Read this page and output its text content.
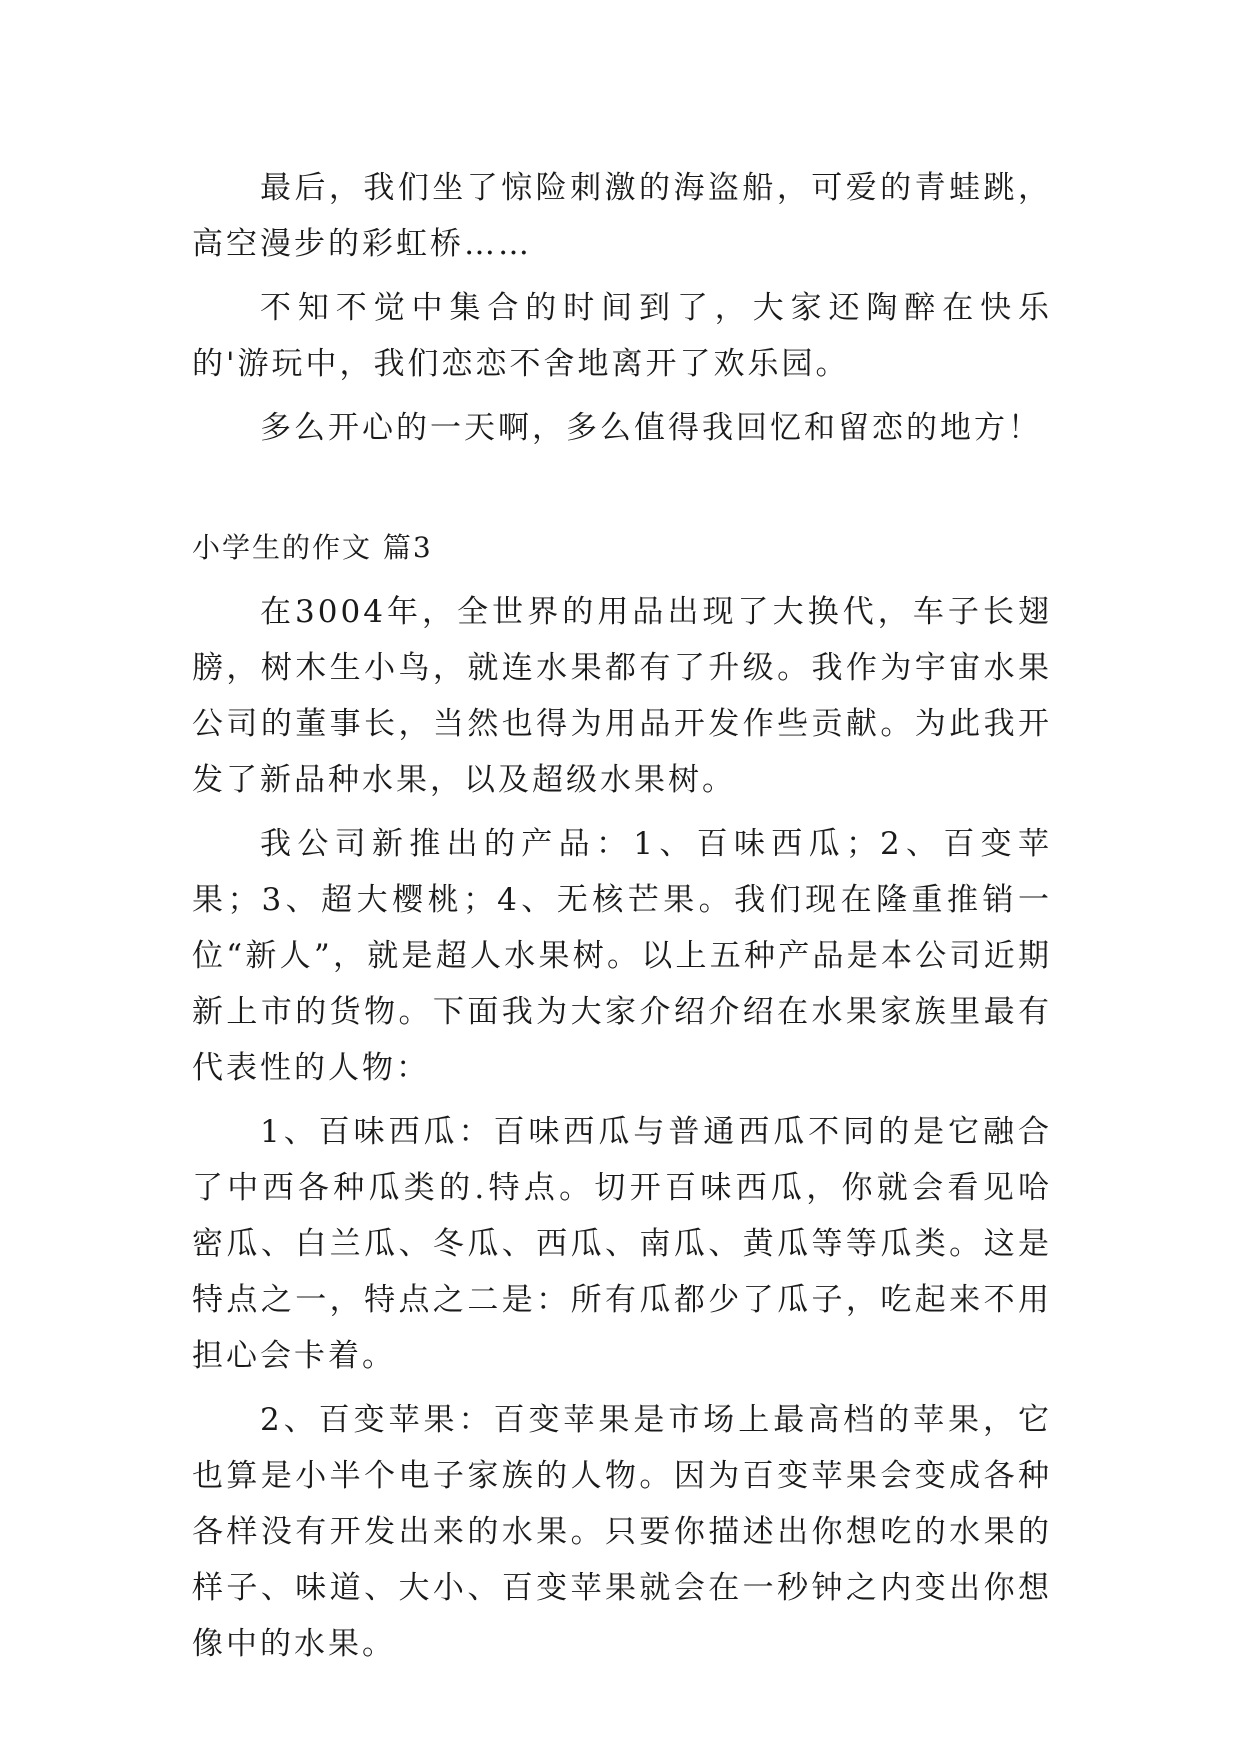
最后，我们坐了惊险刺激的海盗船，可爱的青蛙跳，高空漫步的彩虹桥……

不知不觉中集合的时间到了，大家还陶醉在快乐的'游玩中，我们恋恋不舍地离开了欢乐园。

多么开心的一天啊，多么值得我回忆和留恋的地方！

小学生的作文 篇3

在3004年，全世界的用品出现了大换代，车子长翅膀，树木生小鸟，就连水果都有了升级。我作为宇宙水果公司的董事长，当然也得为用品开发作些贡献。为此我开发了新品种水果，以及超级水果树。

我公司新推出的产品：1、百味西瓜；2、百变苹果；3、超大樱桃；4、无核芒果。我们现在隆重推销一位“新人”，就是超人水果树。以上五种产品是本公司近期新上市的货物。下面我为大家介绍介绍在水果家族里最有代表性的人物：

1、百味西瓜：百味西瓜与普通西瓜不同的是它融合了中西各种瓜类的.特点。切开百味西瓜，你就会看见哈密瓜、白兰瓜、冬瓜、西瓜、南瓜、黄瓜等等瓜类。这是特点之一，特点之二是：所有瓜都少了瓜子，吃起来不用担心会卡着。

2、百变苹果：百变苹果是市场上最高档的苹果，它也算是小半个电子家族的人物。因为百变苹果会变成各种各样没有开发出来的水果。只要你描述出你想吃的水果的样子、味道、大小、百变苹果就会在一秒钟之内变出你想像中的水果。
